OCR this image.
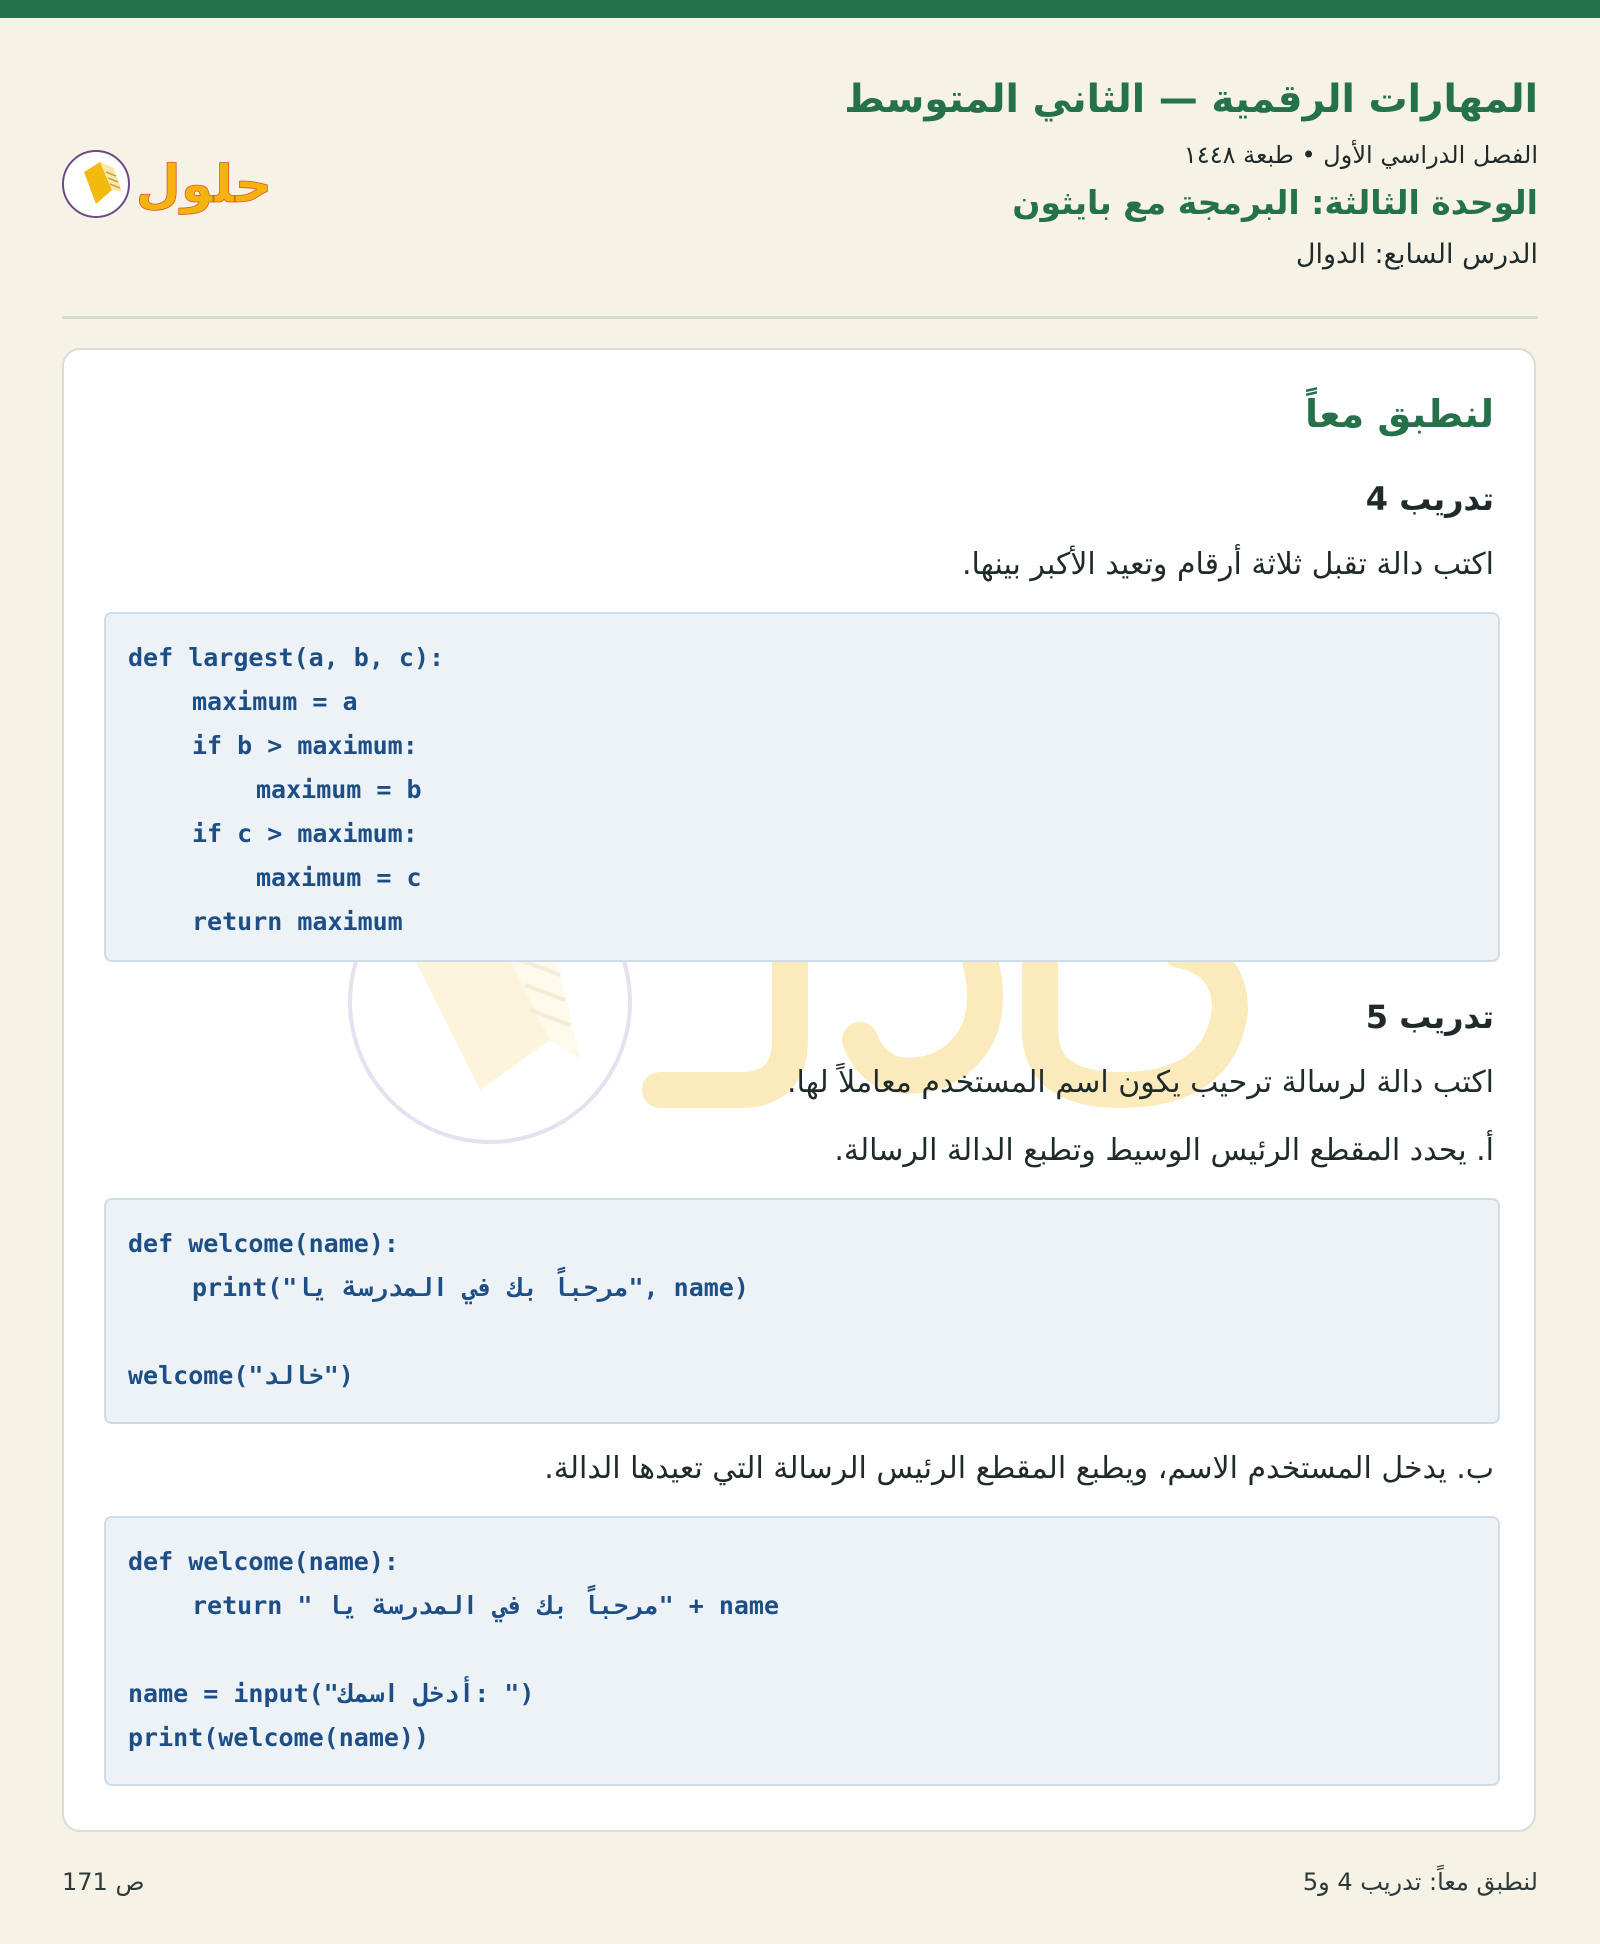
المهارات الرقمية — الثاني المتوسط
الفصل الدراسي الأول • طبعة ١٤٤٨
الوحدة الثالثة: البرمجة مع بايثون
الدرس السابع: الدوال
حلول
لنطبق معاً
تدريب 4

اكتب دالة تقبل ثلاثة أرقام وتعيد الأكبر بينها.

def largest(a, b, c):
maximum = a
if b > maximum:
maximum = b
if c > maximum:
maximum = c
return maximum
تدريب 5

اكتب دالة لرسالة ترحيب يكون اسم المستخدم معاملاً لها.

أ. يحدد المقطع الرئيس الوسيط وتطبع الدالة الرسالة.

def welcome(name):
print("مرحباً بك في المدرسة يا", name)
welcome("خالد")

ب. يدخل المستخدم الاسم، ويطبع المقطع الرئيس الرسالة التي تعيدها الدالة.

def welcome(name):
return " مرحباً بك في المدرسة يا" + name
name = input("أدخل اسمك: ")
print(welcome(name))
لنطبق معاً: تدريب 4 و5
ص 171
